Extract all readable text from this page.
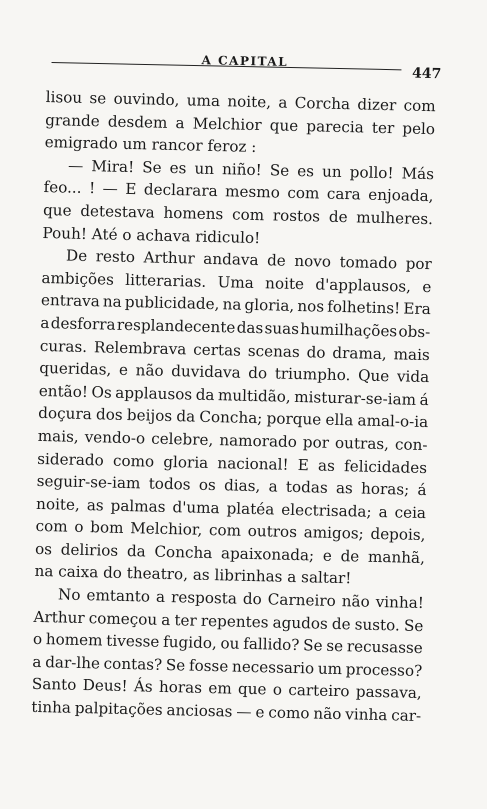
A CAPITAL
447
lisou se ouvindo, uma noite, a Corcha dizer com
grande desdem a Melchior que parecia ter pelo
emigrado um rancor feroz :
— Mira! Se es un niño! Se es un pollo! Más
feo... ! — E declarara mesmo com cara enjoada,
que detestava homens com rostos de mulheres.
Pouh! Até o achava ridiculo!
De resto Arthur andava de novo tomado por
ambições litterarias. Uma noite d'applausos, e
entrava na publicidade, na gloria, nos folhetins! Era
a desforra resplandecente das suas humilhações obs-
curas. Relembrava certas scenas do drama, mais
queridas, e não duvidava do triumpho. Que vida
então! Os applausos da multidão, misturar-se-iam á
doçura dos beijos da Concha; porque ella amal-o-ia
mais, vendo-o celebre, namorado por outras, con-
siderado como gloria nacional! E as felicidades
seguir-se-iam todos os dias, a todas as horas; á
noite, as palmas d'uma platéa electrisada; a ceia
com o bom Melchior, com outros amigos; depois,
os delirios da Concha apaixonada; e de manhã,
na caixa do theatro, as librinhas a saltar!
No emtanto a resposta do Carneiro não vinha!
Arthur começou a ter repentes agudos de susto. Se
o homem tivesse fugido, ou fallido? Se se recusasse
a dar-lhe contas? Se fosse necessario um processo?
Santo Deus! Ás horas em que o carteiro passava,
tinha palpitações anciosas — e como não vinha car-
